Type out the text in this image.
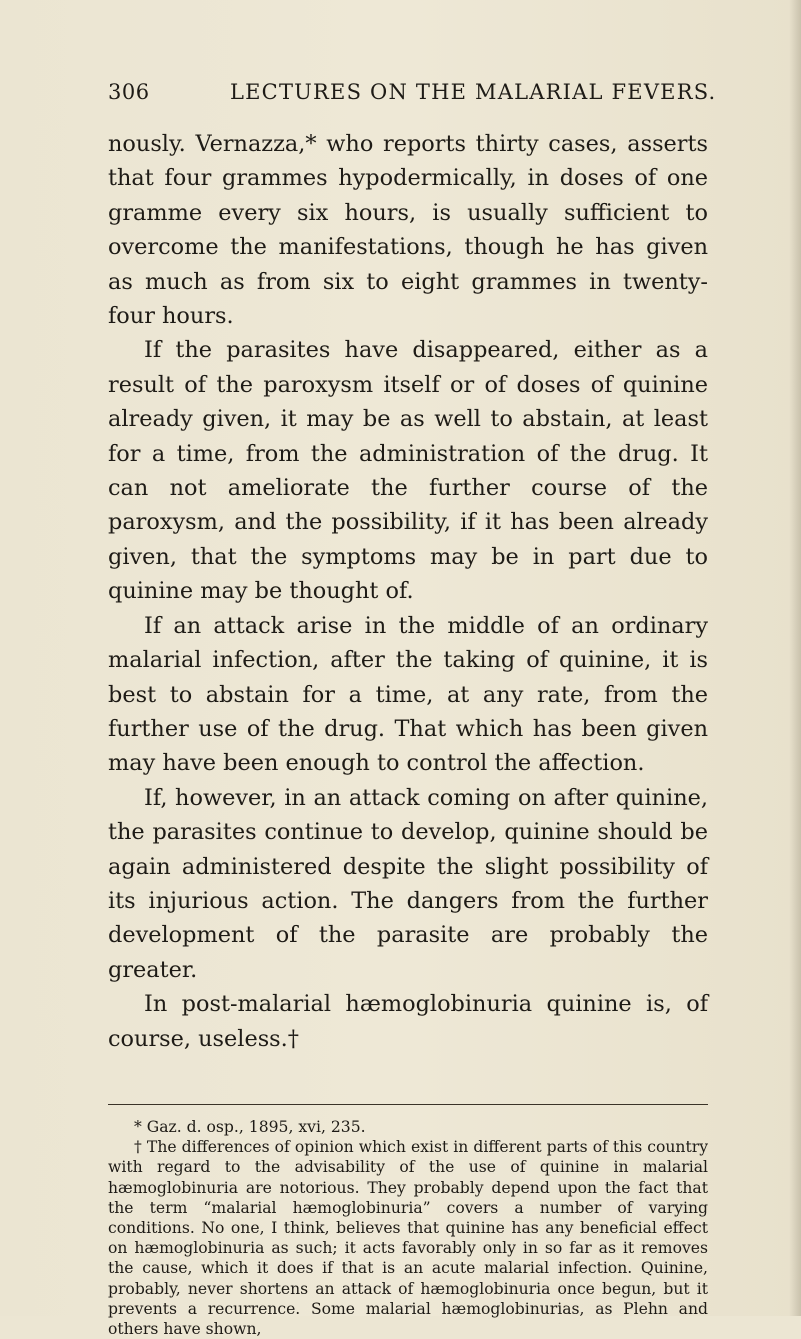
306	LECTURES ON THE MALARIAL FEVERS.

nously. Vernazza,* who reports thirty cases, asserts that four grammes hypodermically, in doses of one gramme every six hours, is usually sufficient to overcome the manifestations, though he has given as much as from six to eight grammes in twenty-four hours.

If the parasites have disappeared, either as a result of the paroxysm itself or of doses of quinine already given, it may be as well to abstain, at least for a time, from the administration of the drug. It can not ameliorate the further course of the paroxysm, and the possibility, if it has been already given, that the symptoms may be in part due to quinine may be thought of.

If an attack arise in the middle of an ordinary malarial infection, after the taking of quinine, it is best to abstain for a time, at any rate, from the further use of the drug. That which has been given may have been enough to control the affection.

If, however, in an attack coming on after quinine, the parasites continue to develop, quinine should be again administered despite the slight possibility of its injurious action. The dangers from the further development of the parasite are probably the greater.

In post-malarial hæmoglobinuria quinine is, of course, useless.†

* Gaz. d. osp., 1895, xvi, 235.

† The differences of opinion which exist in different parts of this country with regard to the advisability of the use of quinine in malarial hæmoglobinuria are notorious. They probably depend upon the fact that the term “malarial hæmoglobinuria” covers a number of varying conditions. No one, I think, believes that quinine has any beneficial effect on hæmoglobinuria as such; it acts favorably only in so far as it removes the cause, which it does if that is an acute malarial infection. Quinine, probably, never shortens an attack of hæmoglobinuria once begun, but it prevents a recurrence. Some malarial hæmoglobinurias, as Plehn and others have shown,
